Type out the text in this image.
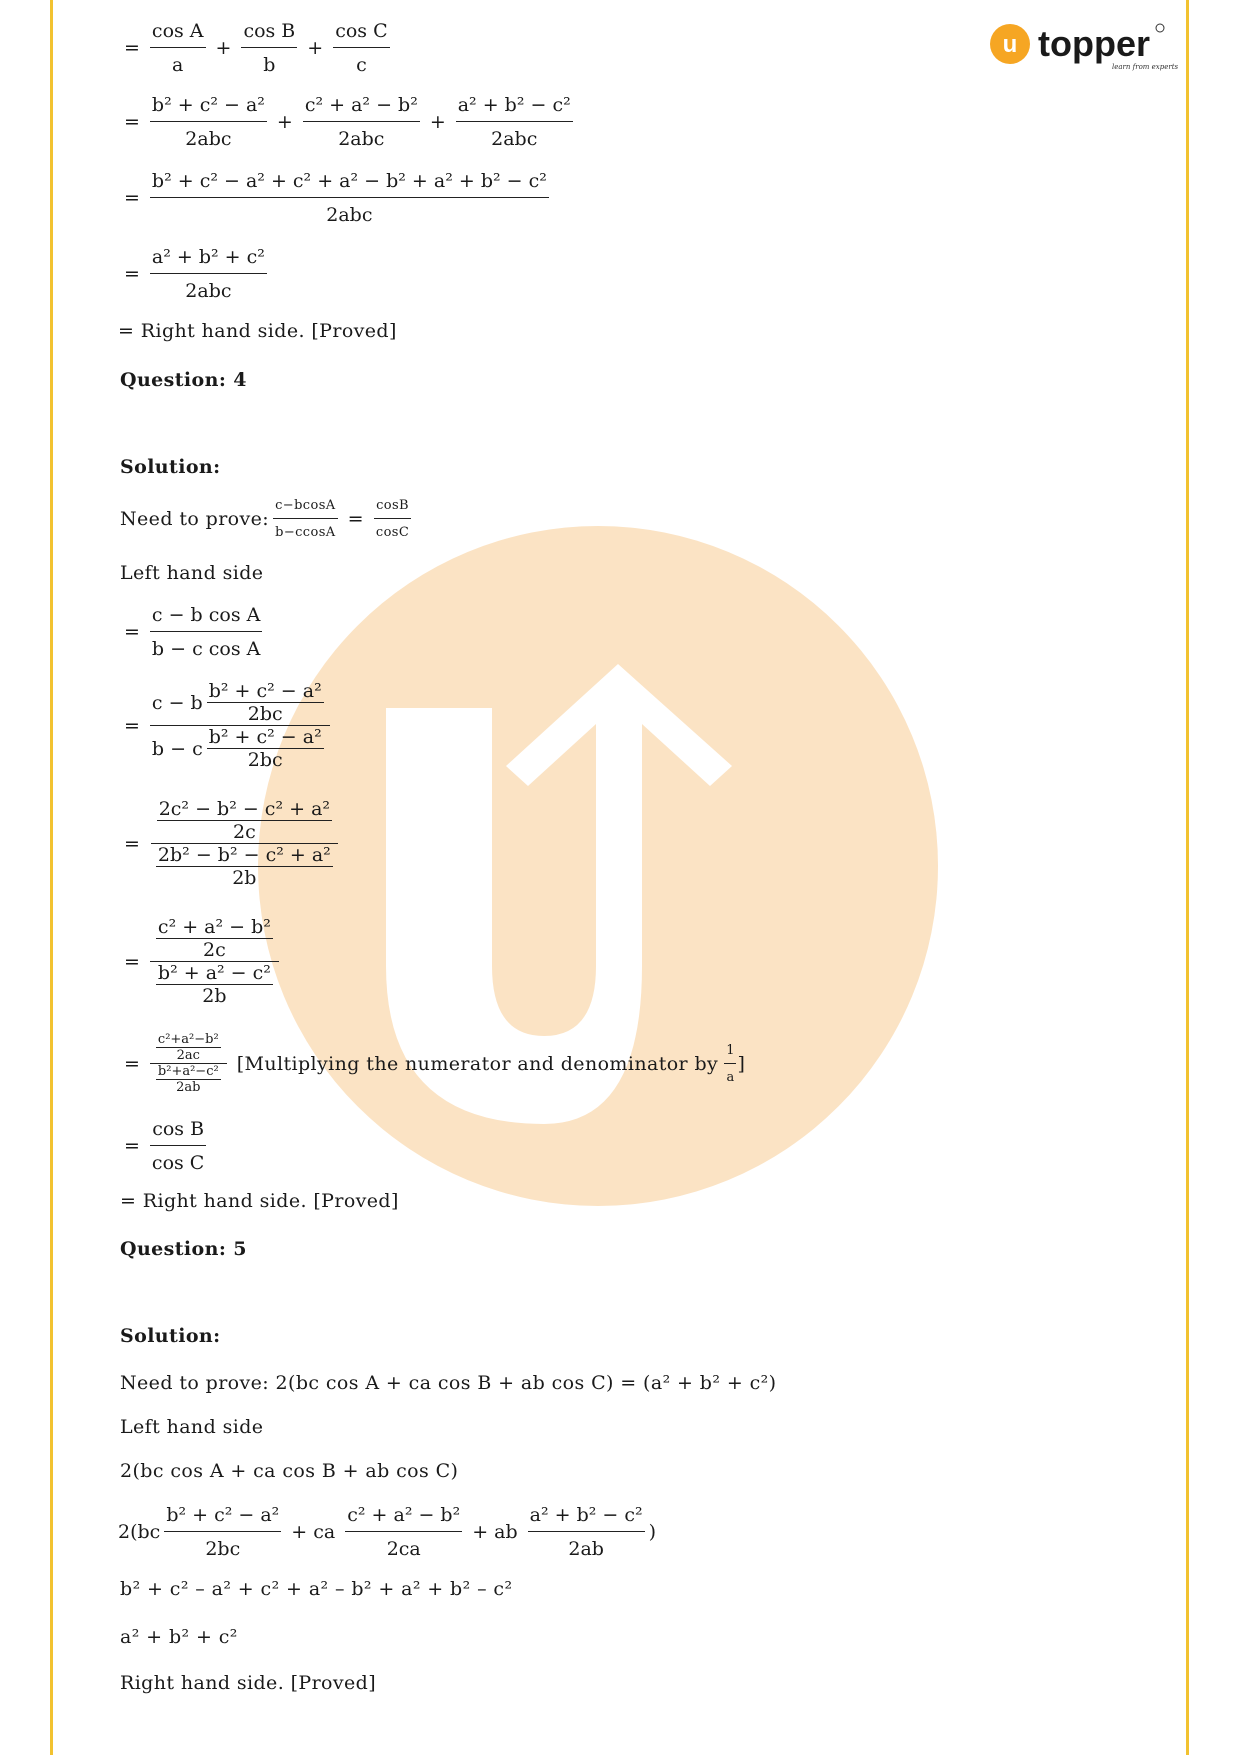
u topper
learn from experts
= $\frac{\text{cos A}}{a} + \frac{\text{cos B}}{b} + \frac{\text{cos C}}{c}$
= $\frac{\text{b² + c² − a²}}{\text{2abc}} + \frac{\text{c² + a² − b²}}{\text{2abc}} + \frac{\text{a² + b² − c²}}{\text{2abc}}$
= $\frac{\text{b² + c² − a² + c² + a² − b² + a² + b² − c²}}{\text{2abc}}$
= $\frac{\text{a² + b² + c²}}{\text{2abc}}$
= Right hand side. [Proved]
Question: 4
Solution:
Need to prove: $\frac{c-bcosA}{b-ccosA} = \frac{\cos B}{\cos C}$
Left hand side
= $\frac{\text{c − b cos A}}{\text{b − c cos A}}$
= $\frac{c - b \frac{\text{b² + c² − a²}}{2bc}}{b - c \frac{\text{b² + c² − a²}}{2bc}}$
= $\frac{\frac{\text{2c² − b² − c² + a²}}{2c}}{\frac{\text{2b² − b² − c² + a²}}{2b}}$
= $\frac{\frac{\text{c² + a² − b²}}{2c}}{\frac{\text{b² + a² − c²}}{2b}}$
= $\frac{\frac{\text{c²+a²−b²}}{2ac}}{\frac{\text{b²+a²−c²}}{2ab}}$ [Multiplying the numerator and denominator by $\frac{1}{a}$ ]
= $\frac{\text{cos B}}{\text{cos C}}$
= Right hand side. [Proved]
Question: 5
Solution:
Need to prove: 2(bc cos A + ca cos B + ab cos C) = (a² + b² + c²)
Left hand side
2(bc cos A + ca cos B + ab cos C)
$2(bc \frac{\text{b² + c² − a²}}{2bc}$ + ca $\frac{\text{c² + a² − b²}}{2ca}$ + ab $\frac{\text{a² + b² − c²}}{2ab}$ )
b² + c² – a² + c² + a² – b² + a² + b² – c²
a² + b² + c²
Right hand side. [Proved]
